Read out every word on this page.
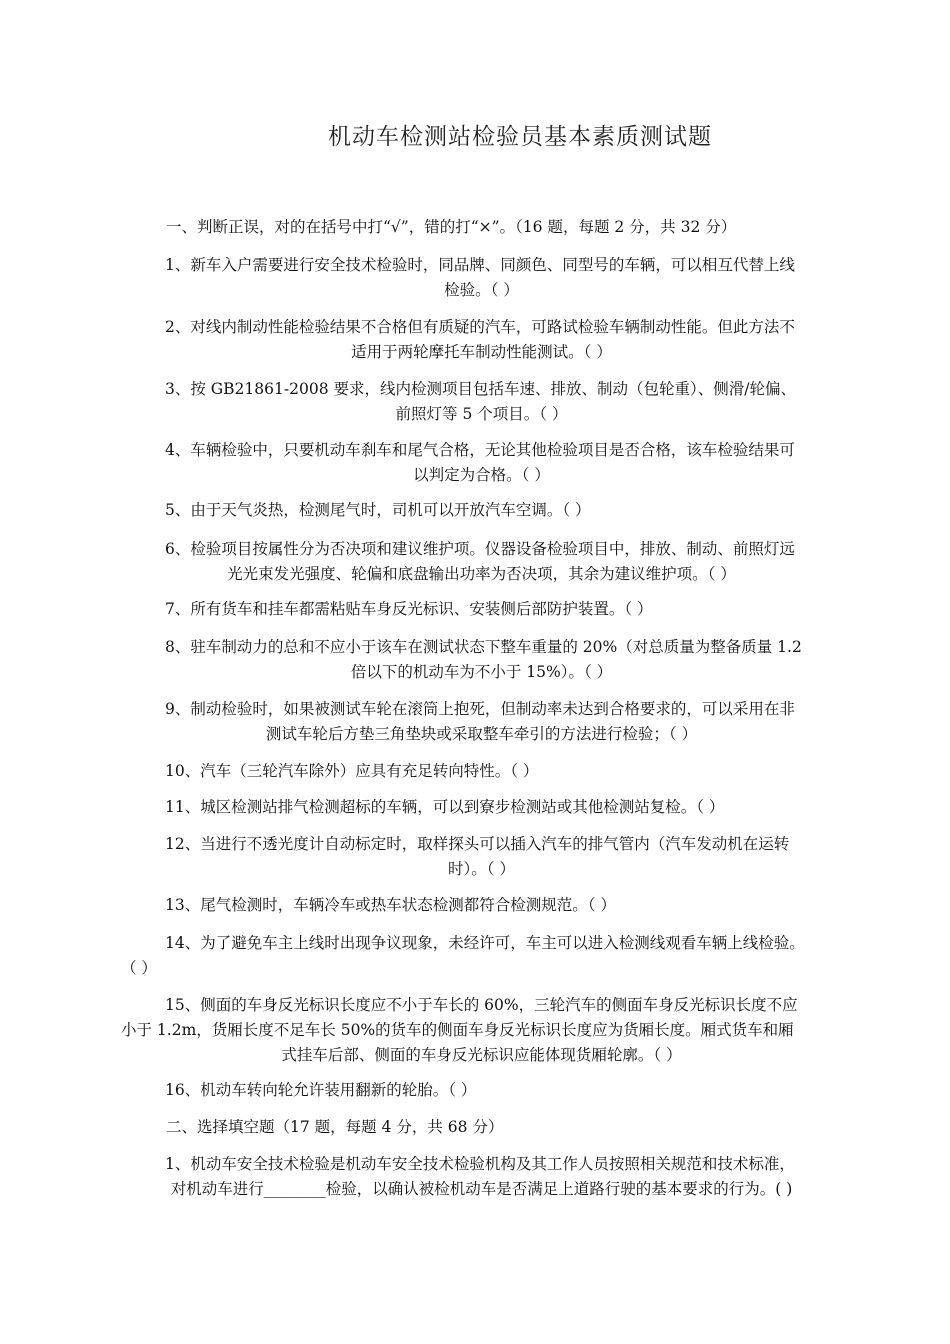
机动车检测站检验员基本素质测试题
一、判断正误，对的在括号中打“√”，错的打“×”。（16 题，每题 2 分，共 32 分）
1、新车入户需要进行安全技术检验时，同品牌、同颜色、同型号的车辆，可以相互代替上线
检验。（ ）
2、对线内制动性能检验结果不合格但有质疑的汽车，可路试检验车辆制动性能。但此方法不
适用于两轮摩托车制动性能测试。（ ）
3、按 GB21861-2008 要求，线内检测项目包括车速、排放、制动（包轮重）、侧滑/轮偏、
前照灯等 5 个项目。（ ）
4、车辆检验中，只要机动车刹车和尾气合格，无论其他检验项目是否合格，该车检验结果可
以判定为合格。（ ）
5、由于天气炎热，检测尾气时，司机可以开放汽车空调。（ ）
6、检验项目按属性分为否决项和建议维护项。仪器设备检验项目中，排放、制动、前照灯远
光光束发光强度、轮偏和底盘输出功率为否决项，其余为建议维护项。（ ）
7、所有货车和挂车都需粘贴车身反光标识、安装侧后部防护装置。（ ）
8、驻车制动力的总和不应小于该车在测试状态下整车重量的 20%（对总质量为整备质量 1.2
倍以下的机动车为不小于 15%）。（ ）
9、制动检验时，如果被测试车轮在滚筒上抱死，但制动率未达到合格要求的，可以采用在非
测试车轮后方垫三角垫块或采取整车牵引的方法进行检验；（ ）
10、汽车（三轮汽车除外）应具有充足转向特性。（ ）
11、城区检测站排气检测超标的车辆，可以到寮步检测站或其他检测站复检。（ ）
12、当进行不透光度计自动标定时，取样探头可以插入汽车的排气管内（汽车发动机在运转
时）。（ ）
13、尾气检测时，车辆冷车或热车状态检测都符合检测规范。（ ）
14、为了避免车主上线时出现争议现象，未经许可，车主可以进入检测线观看车辆上线检验。
（ ）
15、侧面的车身反光标识长度应不小于车长的 60%，三轮汽车的侧面车身反光标识长度不应
小于 1.2m，货厢长度不足车长 50%的货车的侧面车身反光标识长度应为货厢长度。厢式货车和厢
式挂车后部、侧面的车身反光标识应能体现货厢轮廓。（ ）
16、机动车转向轮允许装用翻新的轮胎。（ ）
二、选择填空题（17 题，每题 4 分，共 68 分）
1、机动车安全技术检验是机动车安全技术检验机构及其工作人员按照相关规范和技术标准，
对机动车进行________检验，以确认被检机动车是否满足上道路行驶的基本要求的行为。( )
